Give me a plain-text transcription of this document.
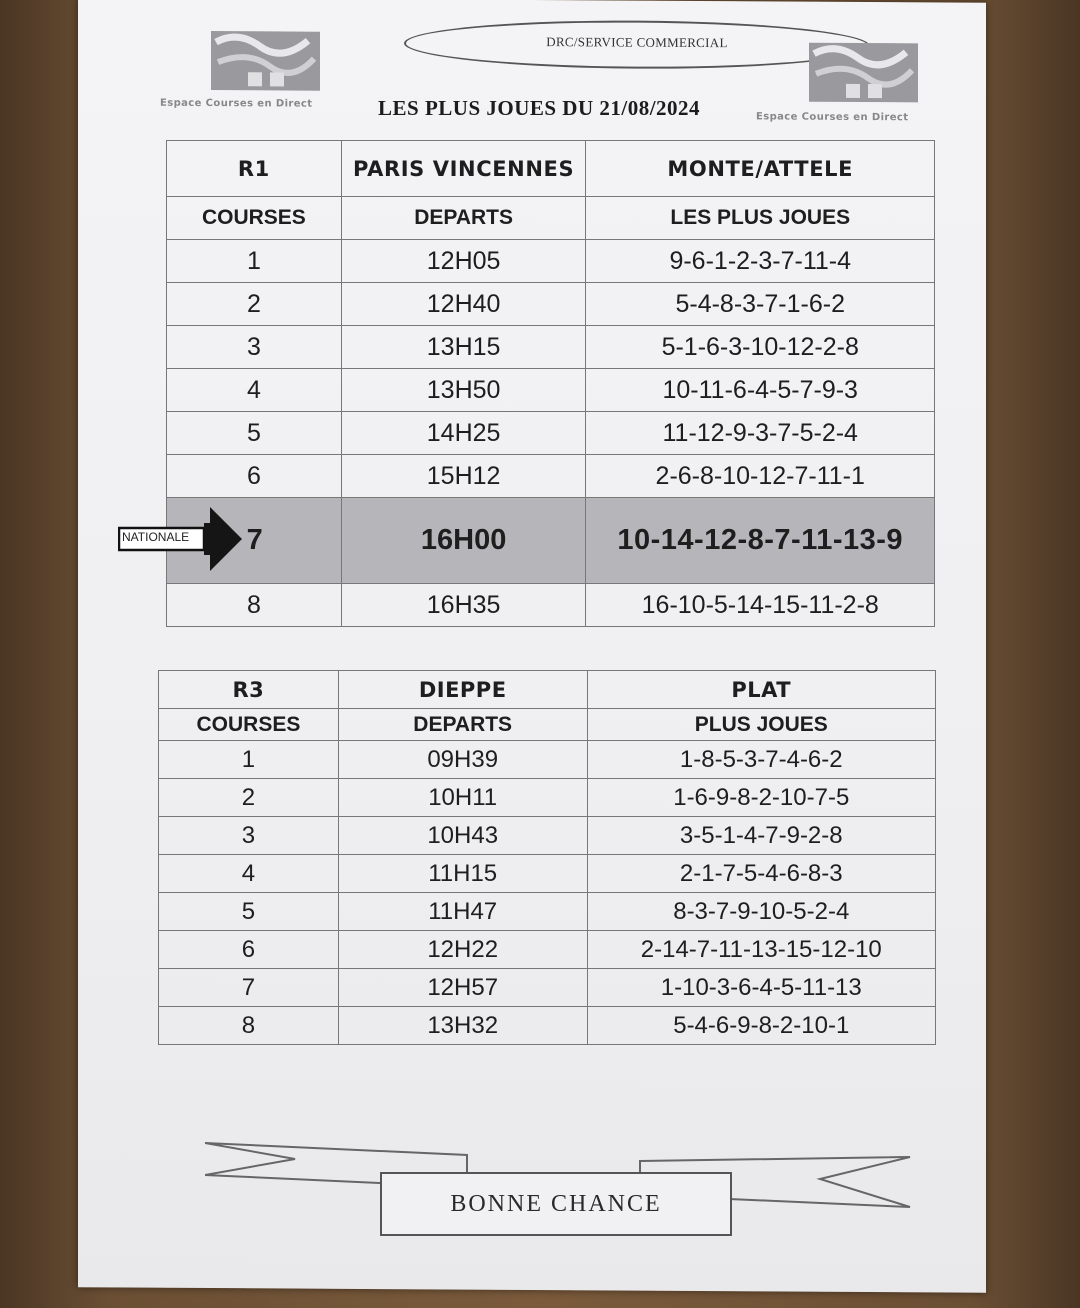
Espace Courses en Direct
DRC/SERVICE COMMERCIAL
Espace Courses en Direct
LES PLUS JOUES DU 21/08/2024
R1	PARIS VINCENNES	MONTE/ATTELE
COURSES	DEPARTS	LES PLUS JOUES
1	12H05	9-6-1-2-3-7-11-4
2	12H40	5-4-8-3-7-1-6-2
3	13H15	5-1-6-3-10-12-2-8
4	13H50	10-11-6-4-5-7-9-3
5	14H25	11-12-9-3-7-5-2-4
6	15H12	2-6-8-10-12-7-11-1
7	16H00	10-14-12-8-7-11-13-9
8	16H35	16-10-5-14-15-11-2-8
NATIONALE
R3	DIEPPE	PLAT
COURSES	DEPARTS	PLUS JOUES
1	09H39	1-8-5-3-7-4-6-2
2	10H11	1-6-9-8-2-10-7-5
3	10H43	3-5-1-4-7-9-2-8
4	11H15	2-1-7-5-4-6-8-3
5	11H47	8-3-7-9-10-5-2-4
6	12H22	2-14-7-11-13-15-12-10
7	12H57	1-10-3-6-4-5-11-13
8	13H32	5-4-6-9-8-2-10-1
BONNE CHANCE
